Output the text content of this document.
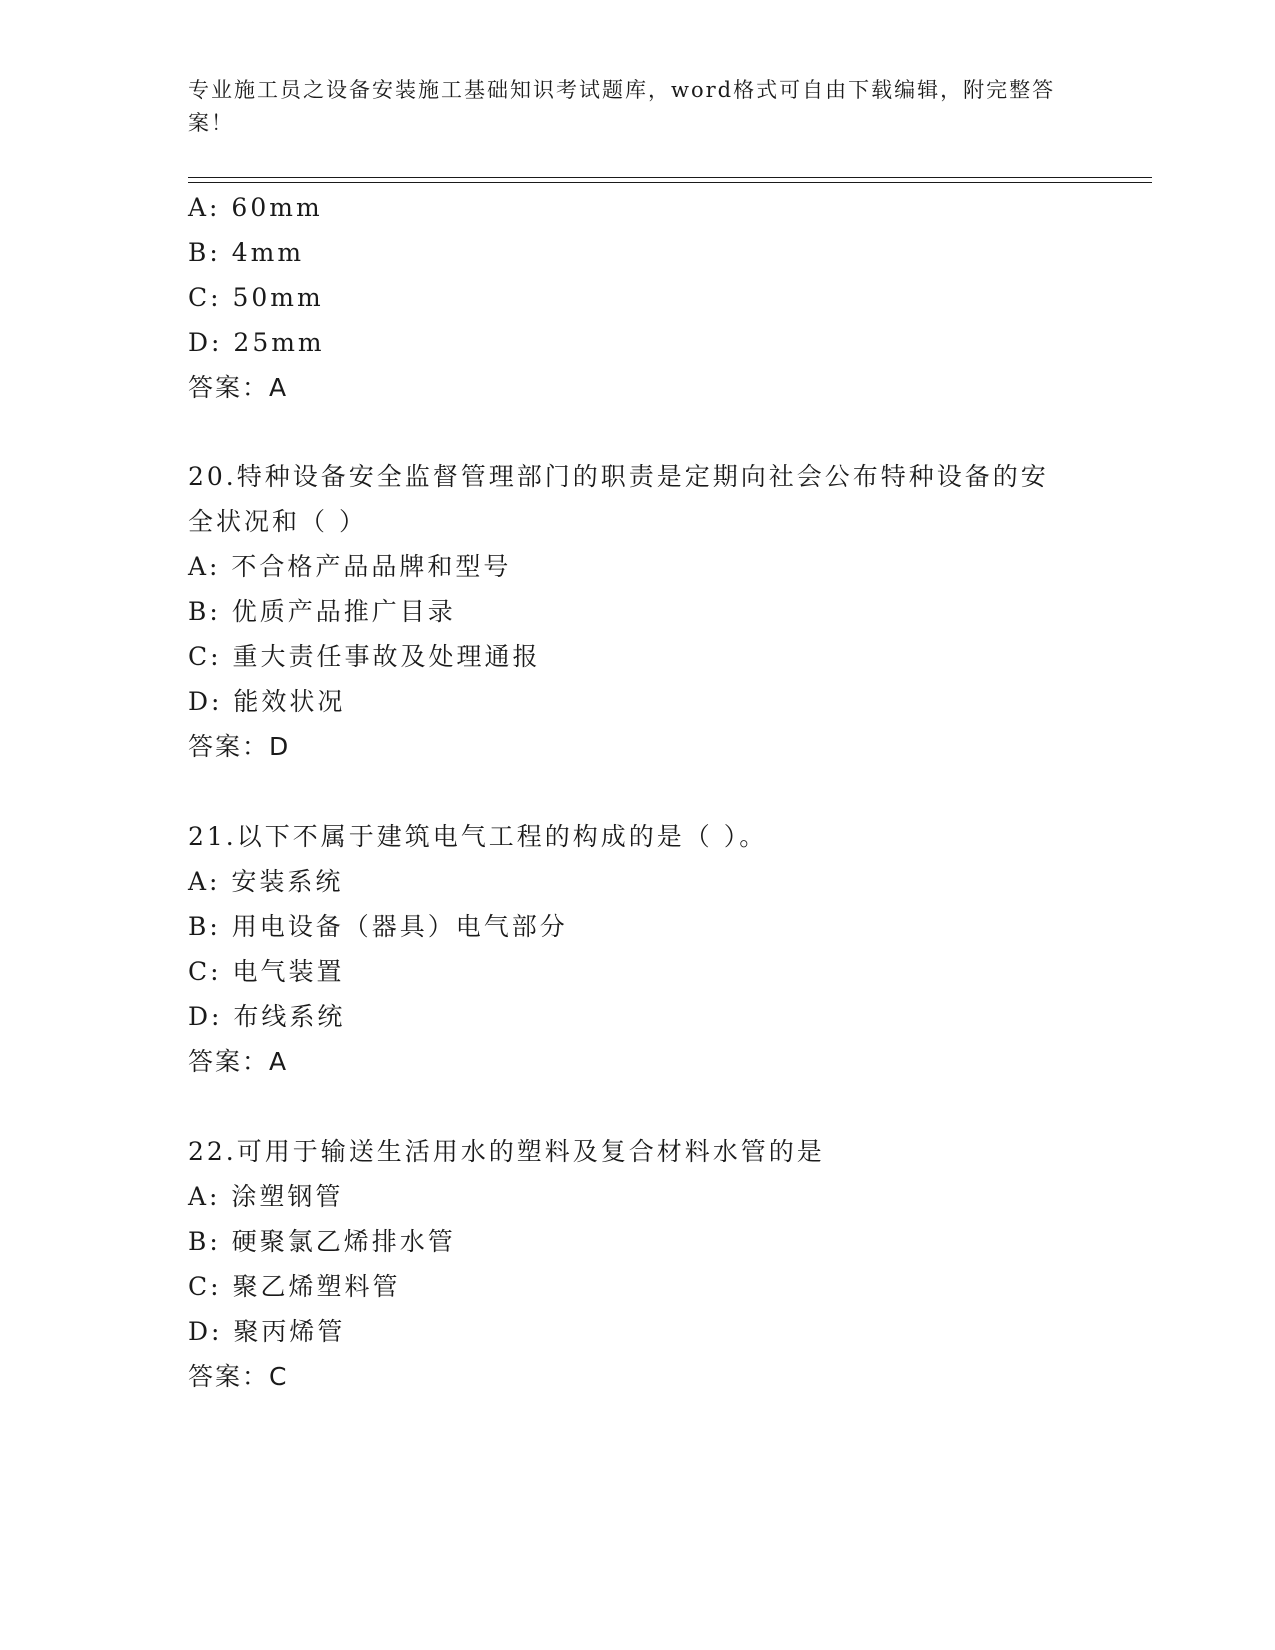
专业施工员之设备安装施工基础知识考试题库，word格式可自由下载编辑，附完整答案！
A: 60mm
B: 4mm
C: 50mm
D: 25mm
答案：A
20.特种设备安全监督管理部门的职责是定期向社会公布特种设备的安
全状况和（ ）
A: 不合格产品品牌和型号
B: 优质产品推广目录
C: 重大责任事故及处理通报
D: 能效状况
答案：D
21.以下不属于建筑电气工程的构成的是（ ）。
A: 安装系统
B: 用电设备（器具）电气部分
C: 电气装置
D: 布线系统
答案：A
22.可用于输送生活用水的塑料及复合材料水管的是
A: 涂塑钢管
B: 硬聚氯乙烯排水管
C: 聚乙烯塑料管
D: 聚丙烯管
答案：C
